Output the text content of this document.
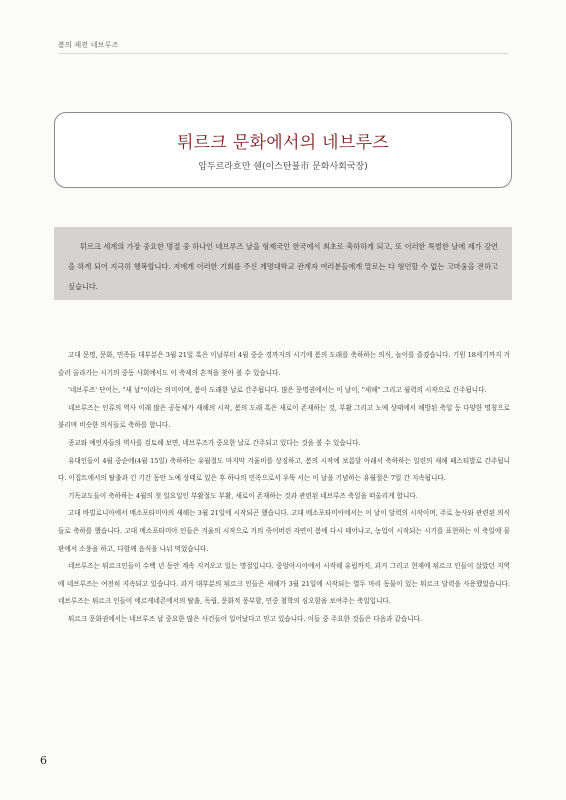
봄의 제전 네브루즈
튀르크 문화에서의 네브루즈
압두르라흐만 쉔(이스탄불市 문화사회국장)

튀르크 세계의 가장 중요한 명절 중 하나인 네브루즈 날을 형제국인 한국에서 최초로 축하하게 되고, 또 이러한 특별한 날에 제가 강연을 하게 되어 지극히 행복합니다. 저에게 이러한 기회를 주신 계명대학교 관계자 여러분들에게 말로는 다 형언할 수 없는 고마움을 전하고 싶습니다.

고대 문명, 문화, 민족들 대부분은 3월 21일 혹은 이날부터 4월 중순 경까지의 시기에 봄의 도래를 축하하는 의식, 놀이를 즐겼습니다. 기원 18세기까지 거슬러 올라가는 시기의 중동 사회에서도 이 축제의 흔적을 찾아 볼 수 있습니다.

'네브루즈' 단어는, "새 날"이라는 의미이며, 봄이 도래한 날로 간주됩니다. 많은 문명권에서는 이 날이, "새해" 그리고 월력의 시작으로 간주됩니다.

네브루즈는 인류의 역사 이래 많은 공동체가 새해의 시작, 봄의 도래 혹은 새로이 존재하는 것, 부활 그리고 노예 상태에서 해방된 축일 등 다양한 명칭으로 불리며 비슷한 의식들로 축하를 합니다.

종교와 예언자들의 역사를 검토해 보면, 네브루즈가 중요한 날로 간주되고 있다는 것을 볼 수 있습니다.

유대인들이 4월 중순에(4월 15일) 축하하는 유월절도 마지막 겨울비를 상징하고, 봄의 시작에 보름달 아래서 축하하는 일련의 새해 페스티발로 간주됩니다. 이집트에서의 탈출과 긴 기간 동안 노예 상태로 있은 후 하나의 민족으로서 우뚝 서는 이 날을 기념하는 유월절은 7일 간 지속됩니다.

기독교도들이 축하하는 4월의 첫 일요일인 부활절도 부활, 새로이 존재하는 것과 관련된 네브루즈 축일을 떠올리게 합니다.

고대 바빌로니아에서 메소포타미아의 새해는 3월 21일에 시작되곤 했습니다. 고대 메소포타미아에서는 이 날이 달력의 시작이며, 주로 농사와 관련된 의식들로 축하를 했습니다. 고대 메소포타미아 인들은 겨울의 시작으로 거의 죽어버린 자연이 봄에 다시 태어나고, 농업이 시작되는 시기를 표현하는 이 축일에 물판에서 소풍을 하고, 다함께 음식을 나눠 먹었습니다.

네브루즈는 튀르크인들이 수백 년 동안 계속 지켜오고 있는 명절입니다. 중앙아시아에서 시작해 유럽까지, 과거 그리고 현재에 튀르크 인들이 살았던 지역에 네브루즈는 여전히 지속되고 있습니다. 과거 대부분의 튀르크 인들은 새해가 3월 21일에 시작되는 열두 마리 동물이 있는 튀르크 달력을 사용했었습니다. 네브루즈는 튀르크 인들이 에르게네콘에서의 탈출, 독립, 문화적 풍부함, 민중 철학의 심오함을 보여주는 축일입니다.

튀르크 문화권에서는 네브루즈 날 중요한 많은 사건들이 일어났다고 믿고 있습니다. 이들 중 주요한 것들은 다음과 같습니다.

6
